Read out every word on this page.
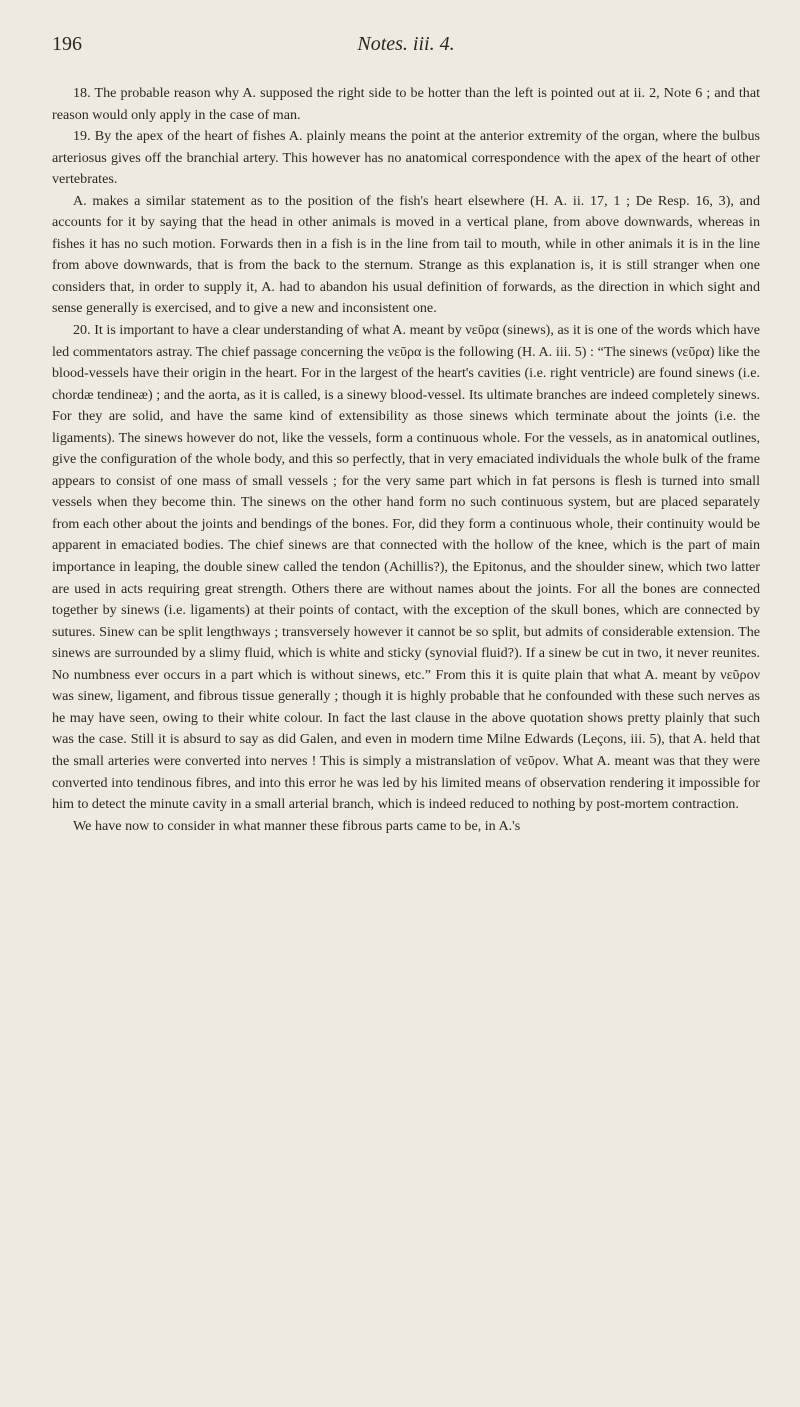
196	Notes. iii. 4.

18. The probable reason why A. supposed the right side to be hotter than the left is pointed out at ii. 2, Note 6 ; and that reason would only apply in the case of man.

19. By the apex of the heart of fishes A. plainly means the point at the anterior extremity of the organ, where the bulbus arteriosus gives off the branchial artery. This however has no anatomical correspondence with the apex of the heart of other vertebrates.

A. makes a similar statement as to the position of the fish's heart elsewhere (H. A. ii. 17, 1 ; De Resp. 16, 3), and accounts for it by saying that the head in other animals is moved in a vertical plane, from above downwards, whereas in fishes it has no such motion. Forwards then in a fish is in the line from tail to mouth, while in other animals it is in the line from above downwards, that is from the back to the sternum. Strange as this explanation is, it is still stranger when one considers that, in order to supply it, A. had to abandon his usual definition of forwards, as the direction in which sight and sense generally is exercised, and to give a new and inconsistent one.

20. It is important to have a clear understanding of what A. meant by νεῦρα (sinews), as it is one of the words which have led commentators astray. The chief passage concerning the νεῦρα is the following (H. A. iii. 5) : “The sinews (νεῦρα) like the blood-vessels have their origin in the heart. For in the largest of the heart's cavities (i.e. right ventricle) are found sinews (i.e. chordæ tendineæ) ; and the aorta, as it is called, is a sinewy blood-vessel. Its ultimate branches are indeed completely sinews. For they are solid, and have the same kind of extensibility as those sinews which terminate about the joints (i.e. the ligaments). The sinews however do not, like the vessels, form a continuous whole. For the vessels, as in anatomical outlines, give the configuration of the whole body, and this so perfectly, that in very emaciated individuals the whole bulk of the frame appears to consist of one mass of small vessels ; for the very same part which in fat persons is flesh is turned into small vessels when they become thin. The sinews on the other hand form no such continuous system, but are placed separately from each other about the joints and bendings of the bones. For, did they form a continuous whole, their continuity would be apparent in emaciated bodies. The chief sinews are that connected with the hollow of the knee, which is the part of main importance in leaping, the double sinew called the tendon (Achillis?), the Epitonus, and the shoulder sinew, which two latter are used in acts requiring great strength. Others there are without names about the joints. For all the bones are connected together by sinews (i.e. ligaments) at their points of contact, with the exception of the skull bones, which are connected by sutures. Sinew can be split lengthways ; transversely however it cannot be so split, but admits of considerable extension. The sinews are surrounded by a slimy fluid, which is white and sticky (synovial fluid?). If a sinew be cut in two, it never reunites. No numbness ever occurs in a part which is without sinews, etc.” From this it is quite plain that what A. meant by νεῦρον was sinew, ligament, and fibrous tissue generally ; though it is highly probable that he confounded with these such nerves as he may have seen, owing to their white colour. In fact the last clause in the above quotation shows pretty plainly that such was the case. Still it is absurd to say as did Galen, and even in modern time Milne Edwards (Leçons, iii. 5), that A. held that the small arteries were converted into nerves ! This is simply a mistranslation of νεῦρον. What A. meant was that they were converted into tendinous fibres, and into this error he was led by his limited means of observation rendering it impossible for him to detect the minute cavity in a small arterial branch, which is indeed reduced to nothing by post-mortem contraction.

We have now to consider in what manner these fibrous parts came to be, in A.'s
